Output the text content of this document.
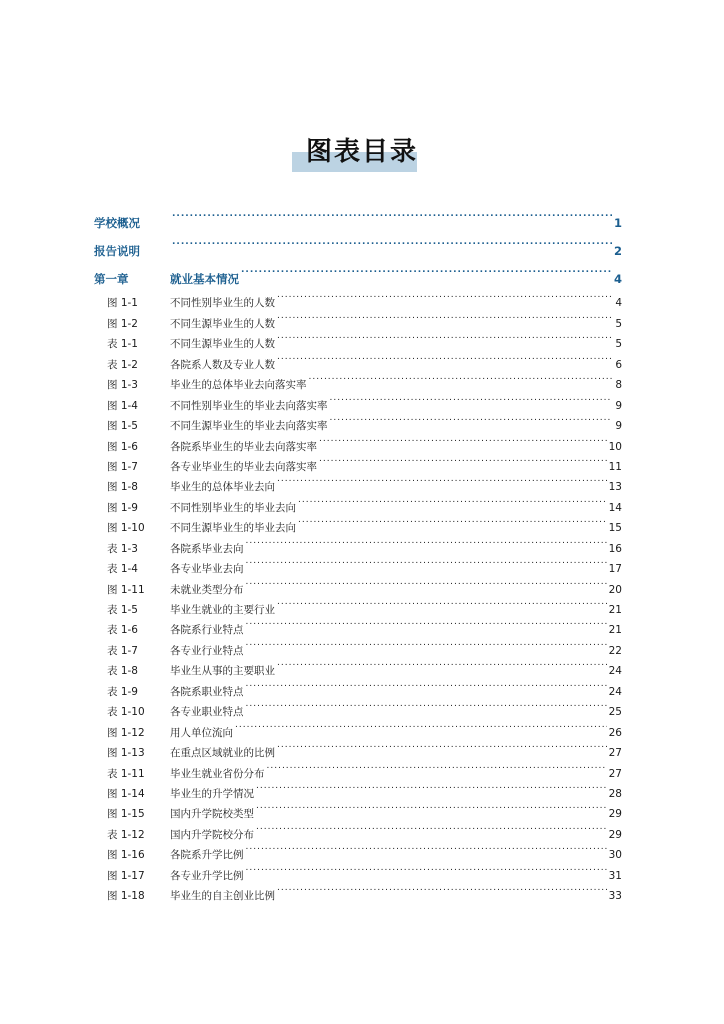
图表目录
学校概况 .....	1
报告说明 .....	2
第一章	就业基本情况 .....	4
图 1-1	不同性别毕业生的人数 .....	4
图 1-2	不同生源毕业生的人数 .....	5
表 1-1	不同生源毕业生的人数 .....	5
表 1-2	各院系人数及专业人数 .....	6
图 1-3	毕业生的总体毕业去向落实率 .....	8
图 1-4	不同性别毕业生的毕业去向落实率 .....	9
图 1-5	不同生源毕业生的毕业去向落实率 .....	9
图 1-6	各院系毕业生的毕业去向落实率 .....	10
图 1-7	各专业毕业生的毕业去向落实率 .....	11
图 1-8	毕业生的总体毕业去向 .....	13
图 1-9	不同性别毕业生的毕业去向 .....	14
图 1-10	不同生源毕业生的毕业去向 .....	15
表 1-3	各院系毕业去向 .....	16
表 1-4	各专业毕业去向 .....	17
图 1-11	未就业类型分布 .....	20
表 1-5	毕业生就业的主要行业 .....	21
表 1-6	各院系行业特点 .....	21
表 1-7	各专业行业特点 .....	22
表 1-8	毕业生从事的主要职业 .....	24
表 1-9	各院系职业特点 .....	24
表 1-10	各专业职业特点 .....	25
图 1-12	用人单位流向 .....	26
图 1-13	在重点区域就业的比例 .....	27
表 1-11	毕业生就业省份分布 .....	27
图 1-14	毕业生的升学情况 .....	28
图 1-15	国内升学院校类型 .....	29
表 1-12	国内升学院校分布 .....	29
图 1-16	各院系升学比例 .....	30
图 1-17	各专业升学比例 .....	31
图 1-18	毕业生的自主创业比例 .....	33
